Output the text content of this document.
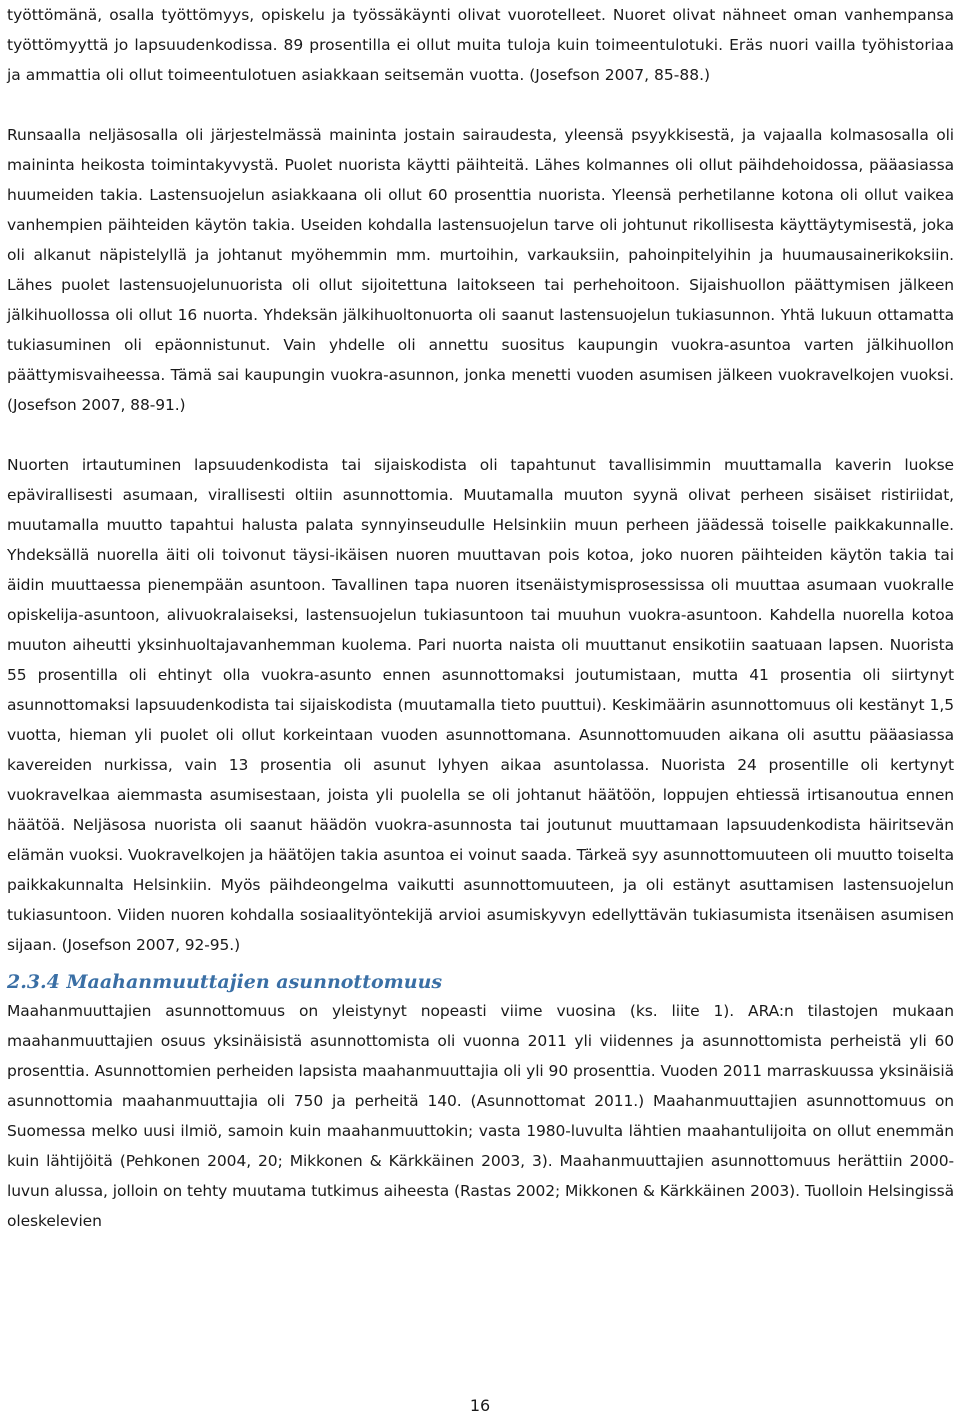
työttömänä, osalla työttömyys, opiskelu ja työssäkäynti olivat vuorotelleet. Nuoret olivat nähneet oman vanhempansa työttömyyttä jo lapsuudenkodissa. 89 prosentilla ei ollut muita tuloja kuin toimeentulotuki. Eräs nuori vailla työhistoriaa ja ammattia oli ollut toimeentulotuen asiakkaan seitsemän vuotta. (Josefson 2007, 85-88.)

Runsaalla neljäsosalla oli järjestelmässä maininta jostain sairaudesta, yleensä psyykkisestä, ja vajaalla kolmasosalla oli maininta heikosta toimintakyvystä. Puolet nuorista käytti päihteitä. Lähes kolmannes oli ollut päihdehoidossa, pääasiassa huumeiden takia. Lastensuojelun asiakkaana oli ollut 60 prosenttia nuorista. Yleensä perhetilanne kotona oli ollut vaikea vanhempien päihteiden käytön takia. Useiden kohdalla lastensuojelun tarve oli johtunut rikollisesta käyttäytymisestä, joka oli alkanut näpistelyllä ja johtanut myöhemmin mm. murtoihin, varkauksiin, pahoinpitelyihin ja huumausainerikoksiin. Lähes puolet lastensuojelunuorista oli ollut sijoitettuna laitokseen tai perhehoitoon. Sijaishuollon päättymisen jälkeen jälkihuollossa oli ollut 16 nuorta. Yhdeksän jälkihuoltonuorta oli saanut lastensuojelun tukiasunnon. Yhtä lukuun ottamatta tukiasuminen oli epäonnistunut. Vain yhdelle oli annettu suositus kaupungin vuokra-asuntoa varten jälkihuollon päättymisvaiheessa. Tämä sai kaupungin vuokra-asunnon, jonka menetti vuoden asumisen jälkeen vuokravelkojen vuoksi. (Josefson 2007, 88-91.)

Nuorten irtautuminen lapsuudenkodista tai sijaiskodista oli tapahtunut tavallisimmin muuttamalla kaverin luokse epävirallisesti asumaan, virallisesti oltiin asunnottomia. Muutamalla muuton syynä olivat perheen sisäiset ristiriidat, muutamalla muutto tapahtui halusta palata synnyinseudulle Helsinkiin muun perheen jäädessä toiselle paikkakunnalle. Yhdeksällä nuorella äiti oli toivonut täysi-ikäisen nuoren muuttavan pois kotoa, joko nuoren päihteiden käytön takia tai äidin muuttaessa pienempään asuntoon. Tavallinen tapa nuoren itsenäistymisprosessissa oli muuttaa asumaan vuokralle opiskelija-asuntoon, alivuokralaiseksi, lastensuojelun tukiasuntoon tai muuhun vuokra-asuntoon. Kahdella nuorella kotoa muuton aiheutti yksinhuoltajavanhemman kuolema. Pari nuorta naista oli muuttanut ensikotiin saatuaan lapsen. Nuorista 55 prosentilla oli ehtinyt olla vuokra-asunto ennen asunnottomaksi joutumistaan, mutta 41 prosentia oli siirtynyt asunnottomaksi lapsuudenkodista tai sijaiskodista (muutamalla tieto puuttui). Keskimäärin asunnottomuus oli kestänyt 1,5 vuotta, hieman yli puolet oli ollut korkeintaan vuoden asunnottomana. Asunnottomuuden aikana oli asuttu pääasiassa kavereiden nurkissa, vain 13 prosentia oli asunut lyhyen aikaa asuntolassa. Nuorista 24 prosentille oli kertynyt vuokravelkaa aiemmasta asumisestaan, joista yli puolella se oli johtanut häätöön, loppujen ehtiessä irtisanoutua ennen häätöä. Neljäsosa nuorista oli saanut häädön vuokra-asunnosta tai joutunut muuttamaan lapsuudenkodista häiritsevän elämän vuoksi. Vuokravelkojen ja häätöjen takia asuntoa ei voinut saada. Tärkeä syy asunnottomuuteen oli muutto toiselta paikkakunnalta Helsinkiin. Myös päihdeongelma vaikutti asunnottomuuteen, ja oli estänyt asuttamisen lastensuojelun tukiasuntoon. Viiden nuoren kohdalla sosiaalityöntekijä arvioi asumiskyvyn edellyttävän tukiasumista itsenäisen asumisen sijaan. (Josefson 2007, 92-95.)

2.3.4 Maahanmuuttajien asunnottomuus

Maahanmuuttajien asunnottomuus on yleistynyt nopeasti viime vuosina (ks. liite 1). ARA:n tilastojen mukaan maahanmuuttajien osuus yksinäisistä asunnottomista oli vuonna 2011 yli viidennes ja asunnottomista perheistä yli 60 prosenttia. Asunnottomien perheiden lapsista maahanmuuttajia oli yli 90 prosenttia. Vuoden 2011 marraskuussa yksinäisiä asunnottomia maahanmuuttajia oli 750 ja perheitä 140. (Asunnottomat 2011.) Maahanmuuttajien asunnottomuus on Suomessa melko uusi ilmiö, samoin kuin maahanmuuttokin; vasta 1980-luvulta lähtien maahantulijoita on ollut enemmän kuin lähtijöitä (Pehkonen 2004, 20; Mikkonen & Kärkkäinen 2003, 3). Maahanmuuttajien asunnottomuus herättiin 2000-luvun alussa, jolloin on tehty muutama tutkimus aiheesta (Rastas 2002; Mikkonen & Kärkkäinen 2003). Tuolloin Helsingissä oleskelevien

16
